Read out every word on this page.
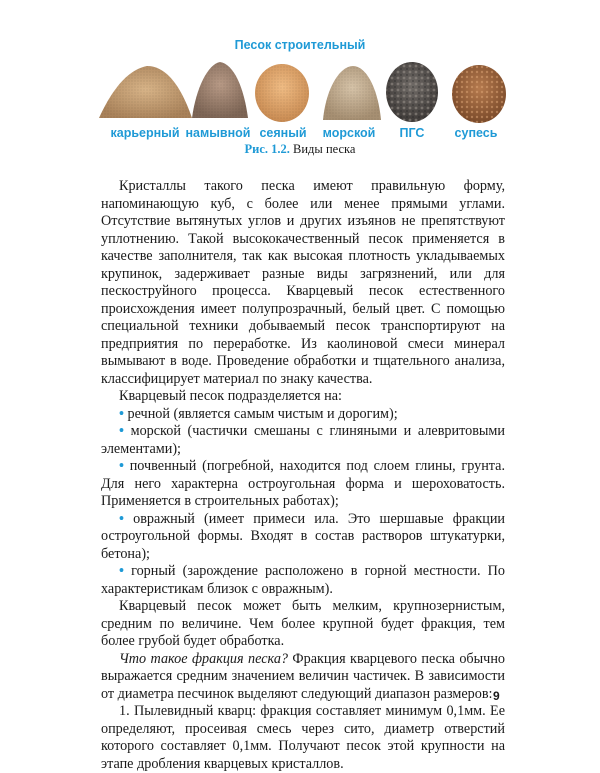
Песок строительный
карьерный намывной сеяный морской ПГС супесь
Рис. 1.2. Виды песка

Кристаллы такого песка имеют правильную форму, напоминающую куб, с более или менее прямыми углами. Отсутствие вытянутых углов и других изъянов не препятствуют уплотнению. Такой высококачественный песок применяется в качестве заполнителя, так как высокая плотность укладываемых крупинок, задерживает разные виды загрязнений, или для пескоструйного процесса. Кварцевый песок естественного происхождения имеет полупрозрачный, белый цвет. С помощью специальной техники добываемый песок транспортируют на предприятия по переработке. Из каолиновой смеси минерал вымывают в воде. Проведение обработки и тщательного анализа, классифицирует материал по знаку качества.

Кварцевый песок подразделяется на:

• речной (является самым чистым и дорогим);

• морской (частички смешаны с глиняными и алевритовыми элементами);

• почвенный (погребной, находится под слоем глины, грунта. Для него характерна остроугольная форма и шероховатость. Применяется в строительных работах);

• овражный (имеет примеси ила. Это шершавые фракции остроугольной формы. Входят в состав растворов штукатурки, бетона);

• горный (зарождение расположено в горной местности. По характеристикам близок с овражным).

Кварцевый песок может быть мелким, крупнозернистым, средним по величине. Чем более крупной будет фракция, тем более грубой будет обработка.

Что такое фракция песка? Фракция кварцевого песка обычно выражается средним значением величин частичек. В зависимости от диаметра песчинок выделяют следующий диапазон размеров:

1. Пылевидный кварц: фракция составляет минимум 0,1мм. Ее определяют, просеивая смесь через сито, диаметр отверстий которого составляет 0,1мм. Получают песок этой крупности на этапе дробления кварцевых кристаллов.

9
